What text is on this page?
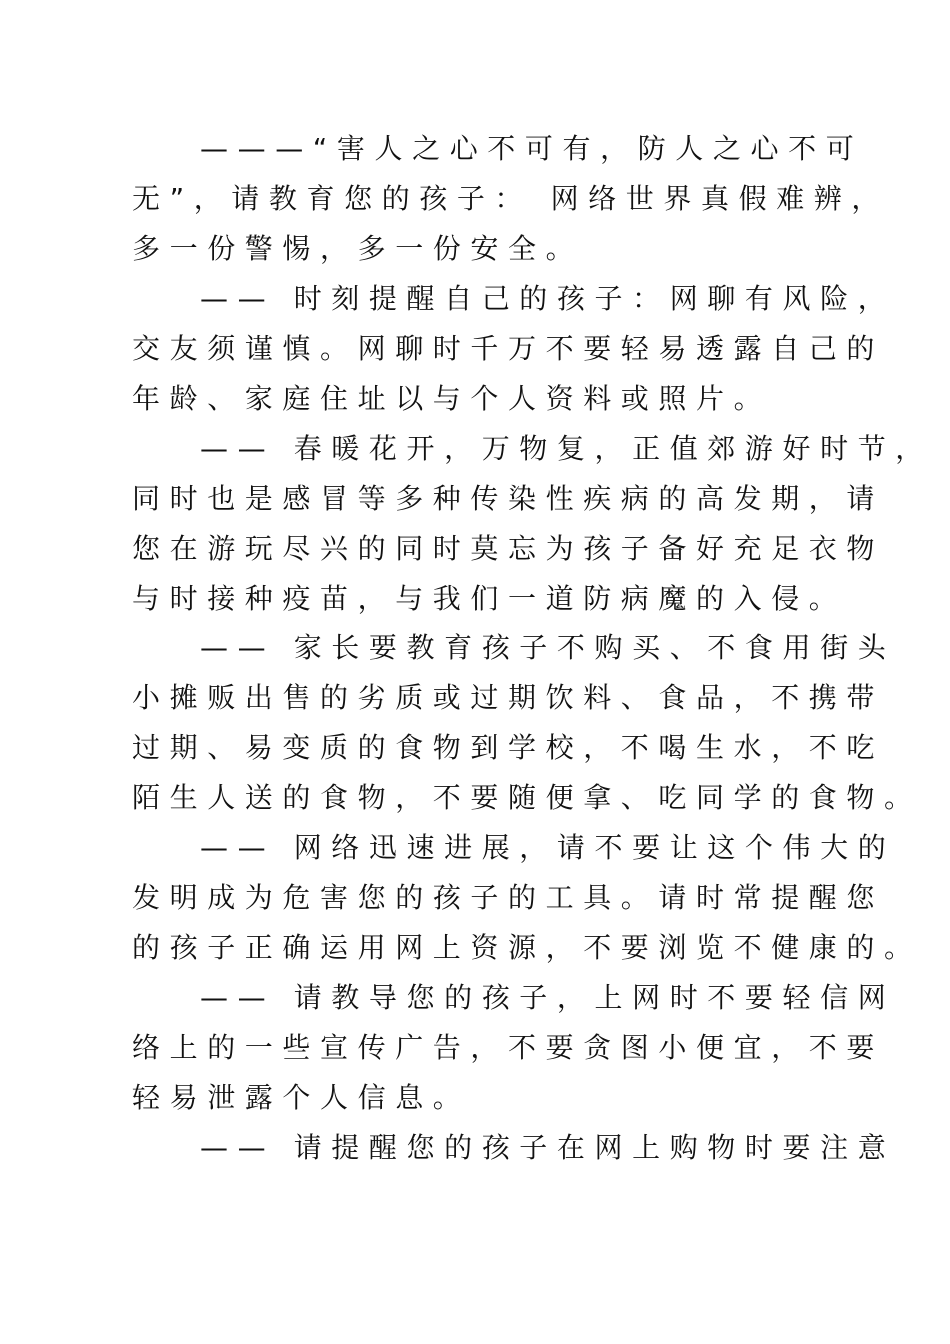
———“害人之心不可有，防人之心不可
无”，请教育您的孩子： 网络世界真假难辨，
多一份警惕，多一份安全。
—— 时刻提醒自己的孩子：网聊有风险，
交友须谨慎。网聊时千万不要轻易透露自己的
年龄、家庭住址以与个人资料或照片。
—— 春暖花开，万物复，正值郊游好时节，
同时也是感冒等多种传染性疾病的高发期，请
您在游玩尽兴的同时莫忘为孩子备好充足衣物
与时接种疫苗，与我们一道防病魔的入侵。
—— 家长要教育孩子不购买、不食用街头
小摊贩出售的劣质或过期饮料、食品，不携带
过期、易变质的食物到学校，不喝生水，不吃
陌生人送的食物，不要随便拿、吃同学的食物。
—— 网络迅速进展，请不要让这个伟大的
发明成为危害您的孩子的工具。请时常提醒您
的孩子正确运用网上资源，不要浏览不健康的。
—— 请教导您的孩子，上网时不要轻信网
络上的一些宣传广告，不要贪图小便宜，不要
轻易泄露个人信息。
—— 请提醒您的孩子在网上购物时要注意
